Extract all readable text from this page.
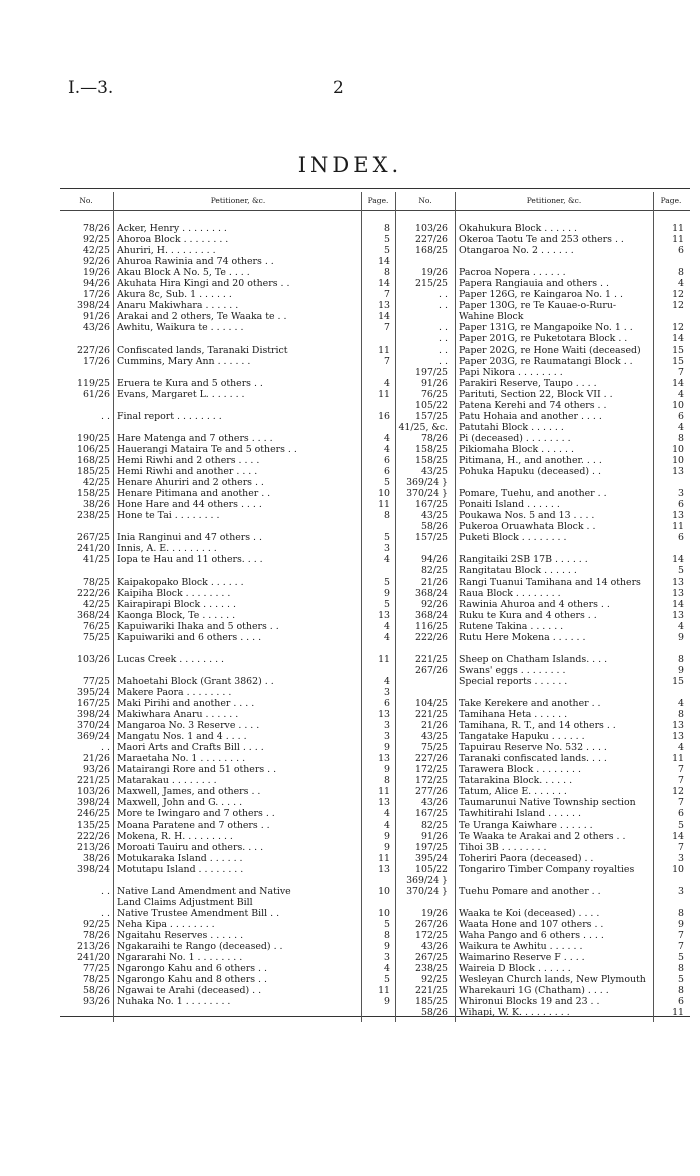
I.—3.	2
INDEX.
No.	Petitioner, &c.	Page.
78/26 Acker, Henry . . . . . . . .	8
92/25 Ahoroa Block . . . . . . . .	5
42/25 Ahuriri, H. . . . . . . . .	5
92/26 Ahuroa Rawinia and 74 others . .	14
19/26 Akau Block A No. 5, Te . . . .	8
94/26 Akuhata Hira Kingi and 20 others . .	14
17/26 Akura 8c, Sub. 1 . . . . . .	7
398/24 Anaru Makiwhara . . . . . .	13
91/26 Arakai and 2 others, Te Waaka te . .	14
43/26 Awhitu, Waikura te . . . . . .	7
227/26 Confiscated lands, Taranaki District	11
17/26 Cummins, Mary Ann . . . . . .	7
119/25 Eruera te Kura and 5 others . .	4
61/26 Evans, Margaret L. . . . . . .	11
. . Final report . . . . . . . .	16
190/25 Hare Matenga and 7 others . . . .	4
106/25 Hauerangi Mataira Te and 5 others . .	4
168/25 Hemi Riwhi and 2 others . . . .	6
185/25 Hemi Riwhi and another . . . .	6
42/25 Henare Ahuriri and 2 others . .	5
158/25 Henare Pitimana and another . .	10
38/26 Hone Hare and 44 others . . . .	11
238/25 Hone te Tai . . . . . . . .	8
267/25 Inia Ranginui and 47 others . .	5
241/20 Innis, A. E. . . . . . . . .	3
41/25 Iopa te Hau and 11 others. . . .	4
78/25 Kaipakopako Block . . . . . .	5
222/26 Kaipiha Block . . . . . . . .	9
42/25 Kairapirapi Block . . . . . .	5
368/24 Kaonga Block, Te . . . . . .	13
76/25 Kapuiwariki Ihaka and 5 others . .	4
75/25 Kapuiwariki and 6 others . . . .	4
103/26 Lucas Creek . . . . . . . .	11
77/25 Mahoetahi Block (Grant 3862) . .	4
395/24 Makere Paora . . . . . . . .	3
167/25 Maki Pirihi and another . . . .	6
398/24 Makiwhara Anaru . . . . . .	13
370/24 Mangaroa No. 3 Reserve . . . .	3
369/24 Mangatu Nos. 1 and 4 . . . .	3
. . Maori Arts and Crafts Bill . . . .	9
21/26 Maraetaha No. 1 . . . . . . . .	13
93/26 Matairangi Rore and 51 others . .	9
221/25 Matarakau . . . . . . . .	8
103/26 Maxwell, James, and others . .	11
398/24 Maxwell, John and G. . . . .	13
246/25 More te Iwingaro and 7 others . .	4
135/25 Moana Paratene and 7 others . .	4
222/26 Mokena, R. H. . . . . . . . .	9
213/26 Moroati Tauiru and others. . . .	9
38/26 Motukaraka Island . . . . . .	11
398/24 Motutapu Island . . . . . . . .	13
. . Native Land Amendment and Native	10
Land Claims Adjustment Bill
. . Native Trustee Amendment Bill . .	10
92/25 Neha Kipa . . . . . . . .	5
78/26 Ngaitahu Reserves . . . . . .	8
213/26 Ngakaraihi te Rango (deceased) . .	9
241/20 Ngararahi No. 1 . . . . . . . .	3
77/25 Ngarongo Kahu and 6 others . .	4
78/25 Ngarongo Kahu and 8 others . .	5
58/26 Ngawai te Arahi (deceased) . .	11
93/26 Nuhaka No. 1 . . . . . . . .	9
No.	Petitioner, &c.	Page.
103/26 Okahukura Block . . . . . .	11
227/26 Okeroa Taotu Te and 253 others . .	11
168/25 Otangaroa No. 2 . . . . . .	6
19/26 Pacroa Nopera . . . . . .	8
215/25 Papera Rangiauia and others . .	4
. . Paper 126G, re Kaingaroa No. 1 . .	12
. . Paper 130G, re Te Kauae-o-Ruru-	12
Wahine Block
. . Paper 131G, re Mangapoike No. 1 . .	12
. . Paper 201G, re Puketotara Block . .	14
. . Paper 202G, re Hone Waiti (deceased)	15
. . Paper 203G, re Raumatangi Block . .	15
197/25 Papi Nikora . . . . . . . .	7
91/26 Parakiri Reserve, Taupo . . . .	14
76/25 Parituti, Section 22, Block VII . .	4
105/22 Patena Kerehi and 74 others . .	10
157/25 Patu Hohaia and another . . . .	6
41/25, &c. Patutahi Block . . . . . .	4
78/26 Pi (deceased) . . . . . . . .	8
158/25 Pikiomaha Block . . . . . .	10
158/25 Pitimana, H., and another. . . .	10
43/25 Pohuka Hapuku (deceased) . .	13
369/24 }
370/24 } Pomare, Tuehu, and another . .	3
167/25 Ponaiti Island . . . . . .	6
43/25 Poukawa Nos. 5 and 13 . . . .	13
58/26 Pukeroa Oruawhata Block . .	11
157/25 Puketi Block . . . . . . . .	6
94/26 Rangitaiki 2SB 17B . . . . . .	14
82/25 Rangitatau Block . . . . . .	5
21/26 Rangi Tuanui Tamihana and 14 others	13
368/24 Raua Block . . . . . . . .	13
92/26 Rawinia Ahuroa and 4 others . .	14
368/24 Ruku te Kura and 4 others . .	13
116/25 Rutene Takina . . . . . .	4
222/26 Rutu Here Mokena . . . . . .	9
221/25 Sheep on Chatham Islands. . . .	8
267/26 Swans' eggs . . . . . . . .	9
Special reports . . . . . .	15
104/25 Take Kerekere and another . .	4
221/25 Tamihana Heta . . . . . .	8
21/26 Tamihana, R. T., and 14 others . .	13
43/25 Tangatake Hapuku . . . . . .	13
75/25 Tapuirau Reserve No. 532 . . . .	4
227/26 Taranaki confiscated lands. . . .	11
172/25 Tarawera Block . . . . . . . .	7
172/25 Tatarakina Block. . . . . .	7
277/26 Tatum, Alice E. . . . . . .	12
43/26 Taumarunui Native Township section	7
167/25 Tawhitirahi Island . . . . . .	6
82/25 Te Uranga Kaiwhare . . . . . .	5
91/26 Te Waaka te Arakai and 2 others . .	14
197/25 Tihoi 3B . . . . . . . .	7
395/24 Toheriri Paora (deceased) . .	3
105/22 Tongariro Timber Company royalties	10
369/24 }
370/24 } Tuehu Pomare and another . .	3
19/26 Waaka te Koi (deceased) . . . .	8
267/26 Waata Hone and 107 others . .	9
172/25 Waha Pango and 6 others . . . .	7
43/26 Waikura te Awhitu . . . . . .	7
267/25 Waimarino Reserve F . . . .	5
238/25 Waireia D Block . . . . . .	8
92/25 Wesleyan Church lands, New Plymouth	5
221/25 Wharekauri 1G (Chatham) . . . .	8
185/25 Whironui Blocks 19 and 23 . .	6
58/26 Wihapi, W. K. . . . . . . . .	11
